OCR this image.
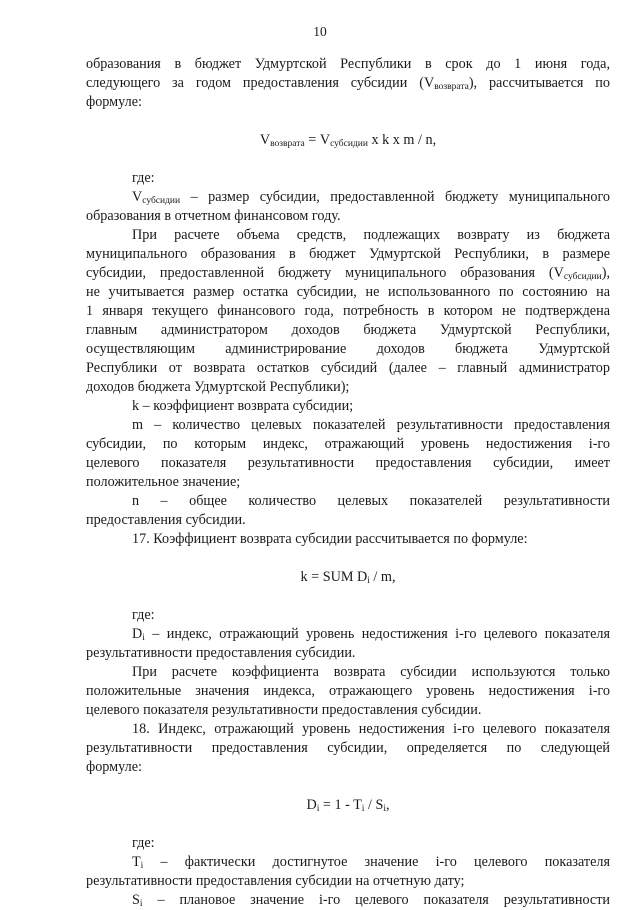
10

образования в бюджет Удмуртской Республики в срок до 1 июня года,

следующего за годом предоставления субсидии $(V_{возврата})$, рассчитывается по

формуле:

$V_{возврата} = V_{субсидии}$ x k x m / n,

где:

$V_{субсидии}$ – размер субсидии, предоставленной бюджету муниципального

образования в отчетном финансовом году.

При расчете объема средств, подлежащих возврату из бюджета

муниципального образования в бюджет Удмуртской Республики, в размере

субсидии, предоставленной бюджету муниципального образования $(V_{субсидии})$,

не учитывается размер остатка субсидии, не использованного по состоянию на

1 января текущего финансового года, потребность в котором не подтверждена

главным администратором доходов бюджета Удмуртской Республики,

осуществляющим администрирование доходов бюджета Удмуртской

Республики от возврата остатков субсидий (далее – главный администратор

доходов бюджета Удмуртской Республики);

k – коэффициент возврата субсидии;

m – количество целевых показателей результативности предоставления

субсидии, по которым индекс, отражающий уровень недостижения i-го

целевого показателя результативности предоставления субсидии, имеет

положительное значение;

n – общее количество целевых показателей результативности

предоставления субсидии.

17. Коэффициент возврата субсидии рассчитывается по формуле:

k = SUM $D_i$ / m,

где:

$D_i$ – индекс, отражающий уровень недостижения i-го целевого показателя

результативности предоставления субсидии.

При расчете коэффициента возврата субсидии используются только

положительные значения индекса, отражающего уровень недостижения i-го

целевого показателя результативности предоставления субсидии.

18. Индекс, отражающий уровень недостижения i-го целевого показателя

результативности предоставления субсидии, определяется по следующей

формуле:

$D_i = 1 - T_i / S_i$,

где:

$T_i$ – фактически достигнутое значение i-го целевого показателя

результативности предоставления субсидии на отчетную дату;

$S_i$ – плановое значение i-го целевого показателя результативности
